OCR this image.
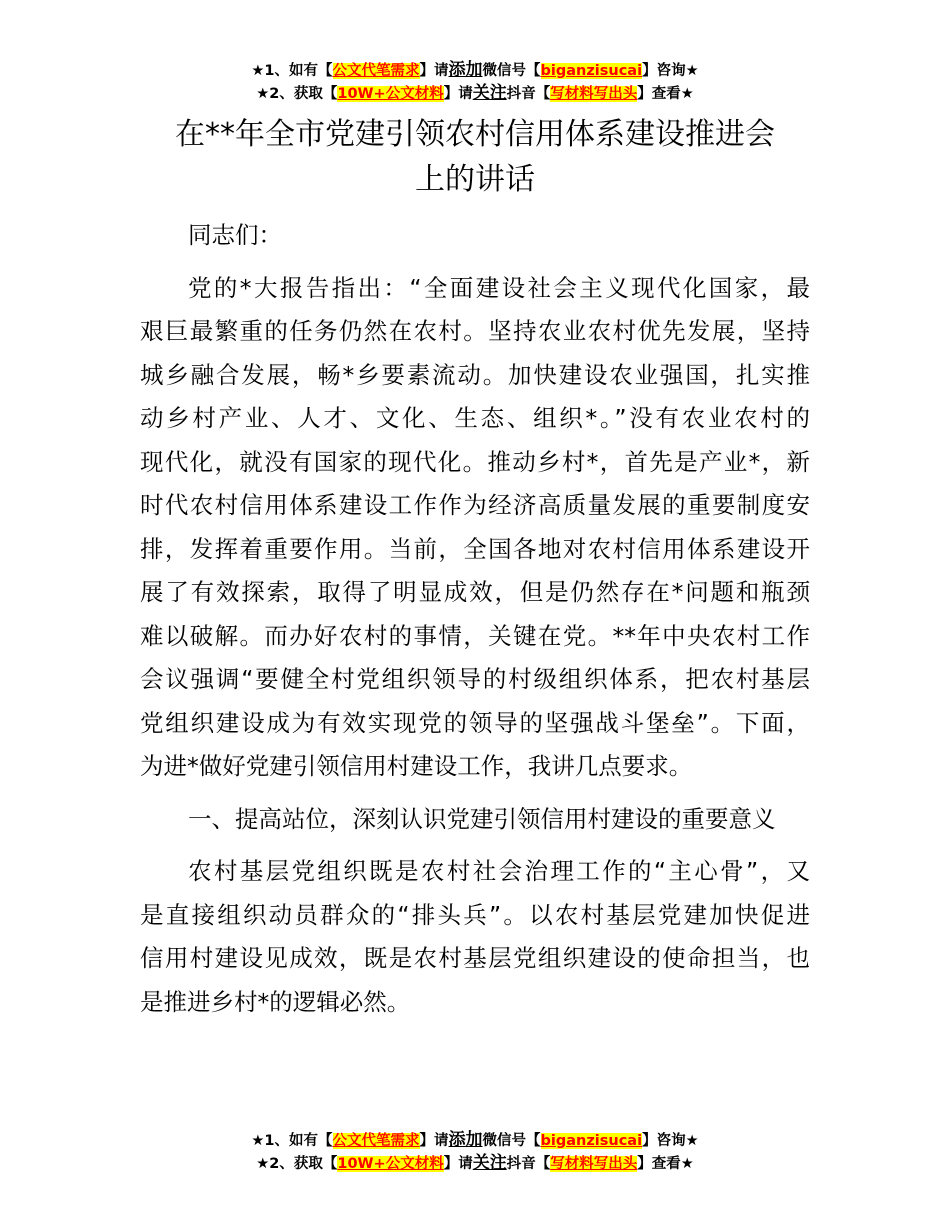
★1、如有【公文代笔需求】请添加微信号【biganzisucai】咨询★
★2、获取【10W+公文材料】请关注抖音【写材料写出头】查看★
在**年全市党建引领农村信用体系建设推进会
上的讲话
同志们：
党的*大报告指出：“全面建设社会主义现代化国家，最
艰巨最繁重的任务仍然在农村。坚持农业农村优先发展，坚持
城乡融合发展，畅*乡要素流动。加快建设农业强国，扎实推
动乡村产业、人才、文化、生态、组织*。”没有农业农村的
现代化，就没有国家的现代化。推动乡村*，首先是产业*，新
时代农村信用体系建设工作作为经济高质量发展的重要制度安
排，发挥着重要作用。当前，全国各地对农村信用体系建设开
展了有效探索，取得了明显成效，但是仍然存在*问题和瓶颈
难以破解。而办好农村的事情，关键在党。**年中央农村工作
会议强调“要健全村党组织领导的村级组织体系，把农村基层
党组织建设成为有效实现党的领导的坚强战斗堡垒”。下面，
为进*做好党建引领信用村建设工作，我讲几点要求。
一、提高站位，深刻认识党建引领信用村建设的重要意义
农村基层党组织既是农村社会治理工作的“主心骨”，又
是直接组织动员群众的“排头兵”。以农村基层党建加快促进
信用村建设见成效，既是农村基层党组织建设的使命担当，也
是推进乡村*的逻辑必然。
★1、如有【公文代笔需求】请添加微信号【biganzisucai】咨询★
★2、获取【10W+公文材料】请关注抖音【写材料写出头】查看★
